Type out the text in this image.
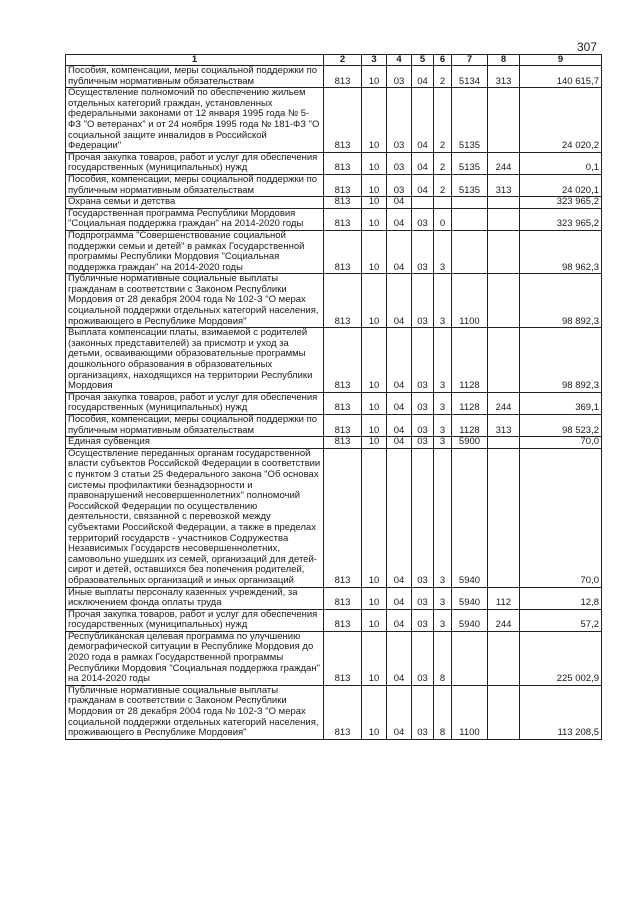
307
1	2	3	4	5	6	7	8	9
Пособия, компенсации, меры социальной поддержки по публичным нормативным обязательствам	813	10	03	04	2	5134	313	140 615,7
Осуществление полномочий по обеспечению жильем отдельных категорий граждан, установленных федеральными законами от 12 января 1995 года № 5-ФЗ "О ветеранах" и от 24 ноября 1995 года № 181-ФЗ "О социальной защите инвалидов в Российской Федерации"	813	10	03	04	2	5135		24 020,2
Прочая закупка товаров, работ и услуг для обеспечения государственных (муниципальных) нужд	813	10	03	04	2	5135	244	0,1
Пособия, компенсации, меры социальной поддержки по публичным нормативным обязательствам	813	10	03	04	2	5135	313	24 020,1
Охрана семьи и детства	813	10	04					323 965,2
Государственная программа Республики Мордовия "Социальная поддержка граждан" на 2014-2020 годы	813	10	04	03	0			323 965,2
Подпрограмма "Совершенствование социальной поддержки семьи и детей" в рамках Государственной программы Республики Мордовия "Социальная поддержка граждан" на 2014-2020 годы	813	10	04	03	3			98 962,3
Публичные нормативные социальные выплаты гражданам в соответствии с Законом Республики Мордовия от 28 декабря 2004 года № 102-З "О мерах социальной поддержки отдельных категорий населения, проживающего в Республике Мордовия"	813	10	04	03	3	1100		98 892,3
Выплата компенсации платы, взимаемой с родителей (законных представителей) за присмотр и уход за детьми, осваивающими образовательные программы дошкольного образования в образовательных организациях, находящихся на территории Республики Мордовия	813	10	04	03	3	1128		98 892,3
Прочая закупка товаров, работ и услуг для обеспечения государственных (муниципальных) нужд	813	10	04	03	3	1128	244	369,1
Пособия, компенсации, меры социальной поддержки по публичным нормативным обязательствам	813	10	04	03	3	1128	313	98 523,2
Единая субвенция	813	10	04	03	3	5900		70,0
Осуществление переданных органам государственной власти субъектов Российской Федерации в соответствии с пунктом 3 статьи 25 Федерального закона "Об основах системы профилактики безнадзорности и правонарушений несовершеннолетних" полномочий Российской Федерации по осуществлению деятельности, связанной с перевозкой между субъектами Российской Федерации, а также в пределах территорий государств - участников Содружества Независимых Государств несовершеннолетних, самовольно ушедших из семей, организаций для детей-сирот и детей, оставшихся без попечения родителей, образовательных организаций и иных организаций	813	10	04	03	3	5940		70,0
Иные выплаты персоналу казенных учреждений, за исключением фонда оплаты труда	813	10	04	03	3	5940	112	12,8
Прочая закупка товаров, работ и услуг для обеспечения государственных (муниципальных) нужд	813	10	04	03	3	5940	244	57,2
Республиканская целевая программа по улучшению демографической ситуации в Республике Мордовия до 2020 года в рамках Государственной программы Республики Мордовия "Социальная поддержка граждан" на 2014-2020 годы	813	10	04	03	8			225 002,9
Публичные нормативные социальные выплаты гражданам в соответствии с Законом Республики Мордовия от 28 декабря 2004 года № 102-З "О мерах социальной поддержки отдельных категорий населения, проживающего в Республике Мордовия"	813	10	04	03	8	1100		113 208,5
